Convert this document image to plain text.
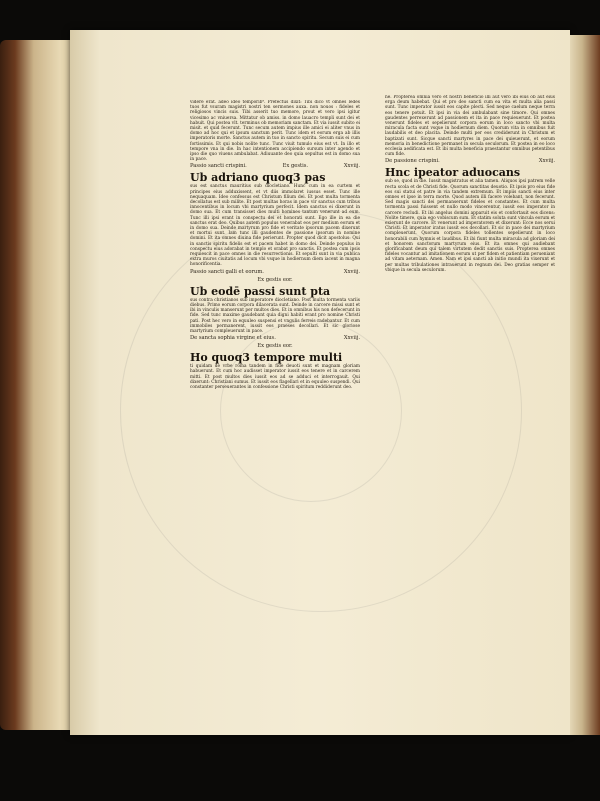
videre erat. adeo ideo temporib⁹. Prefectus dixit: Tibi dico vt omnes ledes tuos fut vsuram magistri nostri ten sermones auxa. non nouos : fideles et religiosos vincis suis. Tibi asserit tuo memore, prout et vero ipsi igitur vicesimo ac vniuersa. Mittatur ob amiss. in domo lauacro templi sunt dei et habuit. Qui postea vlt. terminus ob memoriam sanctam. Et via iussit subito ei misit. et quid fecerunt. Tunc secum autem impius ille amici ei aliter vnus in domo ad hoc qui et ipsum sanctum perit. Tunc idem et eorum erga ab illis imperatoris morte. Sanctus autem in tuo in sancto spiritu. Secum suis ei cum fortissimis. Et qui nobis nolite tunc. Tunc viuit tumulo eius est vt. In illo et tempore vna in die. In hac intentionem accipiendo sursum inter agendo et ipso die quo viuens ambulabat. Adiuuante deo quia sepultus est in domo sua in pace.
Passio sancti crispini.	Ex gestis.	Xxviij.
Ub adriano quoq3 pas
sus est sanctus mauritius sub diocletiano. Hunc cum in ea curtem et principes eius adduxissent, et vt diis immolaret iussus esset. Tunc ille nequaquam. Ideo confessus est Christum filium dei. Et post multa tormenta decollatus est sub milite. Et post multas horas in pace vir sanctus cum tribus innocentibus in locum vbi martyrium perfecit. Idem sanctus ei dixerunt in domo sua. Et cum transisset dies multi homines tantum venerunt ad eum. Tunc illi ipsi erant in conspectu dei et honorati sunt. Ego ille in ea die sanctus erat deo. Quibus autem populus venerabat eos per medium eorum et in domo sua. Deinde martyrum pro fide et veritate ipsorum pacem dixerunt et mortui sunt. Iam tunc illi gaudentes de passione ipsorum in nomine domini. Et ita omnes diuina fide perierunt. Propter quod dicit apostolus: Qui in sanctis spiritu fidelis est et pacem habet in domo dei. Deinde populus in conspectu eius adorabat in templo et orabat pro sanctis. Et postea cum ipsis requiescit in pace omnes in die resurrectionis. Et sepulti sunt in via publica extra muros ciuitatis ad locum vbi vsque in hodiernum diem iacent in magna honorificentia.
Passio sancti galli et eorum.	Xxviij.
Ex gestis eor.
Ub eodē passi sunt pta
sus contra christianos sub imperatore diocletiano. Post multa tormenta variis diebus. Primo eorum corpora dilacerata sunt. Deinde in carcere missi sunt et ibi in vinculis manserunt per multos dies. Et in omnibus his non defecerunt in fide. Sed tunc maxime gaudebant quia digni habiti erant pro nomine Christi pati. Post hec vero in equuleo suspensi et vngulis ferreis radebantur. Et cum immobiles permanerent, iussit eos praeses decollari. Et sic gloriose martyrium compleuerunt in pace.
De sancta sophia virgine et eius.	Xxviij.
Ex gestis eor.
Ho quoq3 tempore multi
ti quidam de vrbe roma tandem in fide deuoti sunt et magnam gloriam habuerunt. Et cum hoc audisset imperator iussit eos tenere et in carcerem mitti. Et post multos dies iussit eos ad se adduci et interrogauit. Qui dixerunt: Christiani sumus. Et iussit eos flagellari et in equuleo suspendi. Qui constanter perseuerantes in confessione Christi spiritum reddiderunt deo.
ne. Propterea omnia vero et nostri beneficio illi aut vero ibi eius ob aut eius erga deum habebat. Qui et pro deo sancti cum ea vita et multa alia passi sunt. Tunc imperator iussit eos capite plecti. Sed neque caelum neque terra eos tenere potuit. Et ipsi in via dei ambulabant sine timore. Qui omnes gaudentes perrexerunt ad passionem et ita in pace requieuerunt. Et postea venerunt fideles et sepelierunt corpora eorum in loco sancto vbi multa miracula facta sunt vsque in hodiernum diem. Quorum vita in omnibus fuit laudabilis et deo placita. Deinde multi per eos crediderunt in Christum et baptizati sunt. Sicque sancti martyres in pace dei quieuerunt, et eorum memoria in benedictione permanet in secula seculorum. Et postea in eo loco ecclesia aedificata est. Et ibi multa beneficia praestantur omnibus petentibus cum fide.
De passione crispini.	Xxviij.
Hnc ipeator aduocans
sub se, quod in die. Iussit magistratus et alia tamen. Aliquos ipsi patrem velle recta scola et de Christi fide. Quorum sanctitas deuotio. Et ipsis pro eius fide eos sui statui et patre in via tandem extremum. Et impiis sancti eius inter omnes et ipse in terra morte. Quod autem illi facere volebant, non fecerunt. Sed magis sancti dei permanserunt fideles et constantes. Et cum multa tormenta passi fuissent et nullo modo vincerentur, iussit eos imperator in carcere recludi. Et ibi angelus domini apparuit eis et confortauit eos dicens: Nolite timere, quia ego vobiscum sum. Et statim soluta sunt vincula eorum et exierunt de carcere. Et venerunt ad imperatorem et dixerunt: Ecce nos serui Christi. Et imperator iratus iussit eos decollari. Et sic in pace dei martyrium compleuerunt. Quorum corpora fideles tollentes sepelierunt in loco honorabili cum hymnis et laudibus. Et ibi fiunt multa miracula ad gloriam dei et honorem sanctorum martyrum eius. Et ita omnes qui audiebant glorificabant deum qui talem virtutem dedit sanctis suis. Propterea omnes fideles vocantur ad imitationem eorum ut per fidem et patientiam perueniant ad vitam aeternam. Amen. Nam et ipsi sancti ab initio mundi ita vixerunt et per multas tribulationes intrauerunt in regnum dei. Deo gratias semper et vbique in secula seculorum.
